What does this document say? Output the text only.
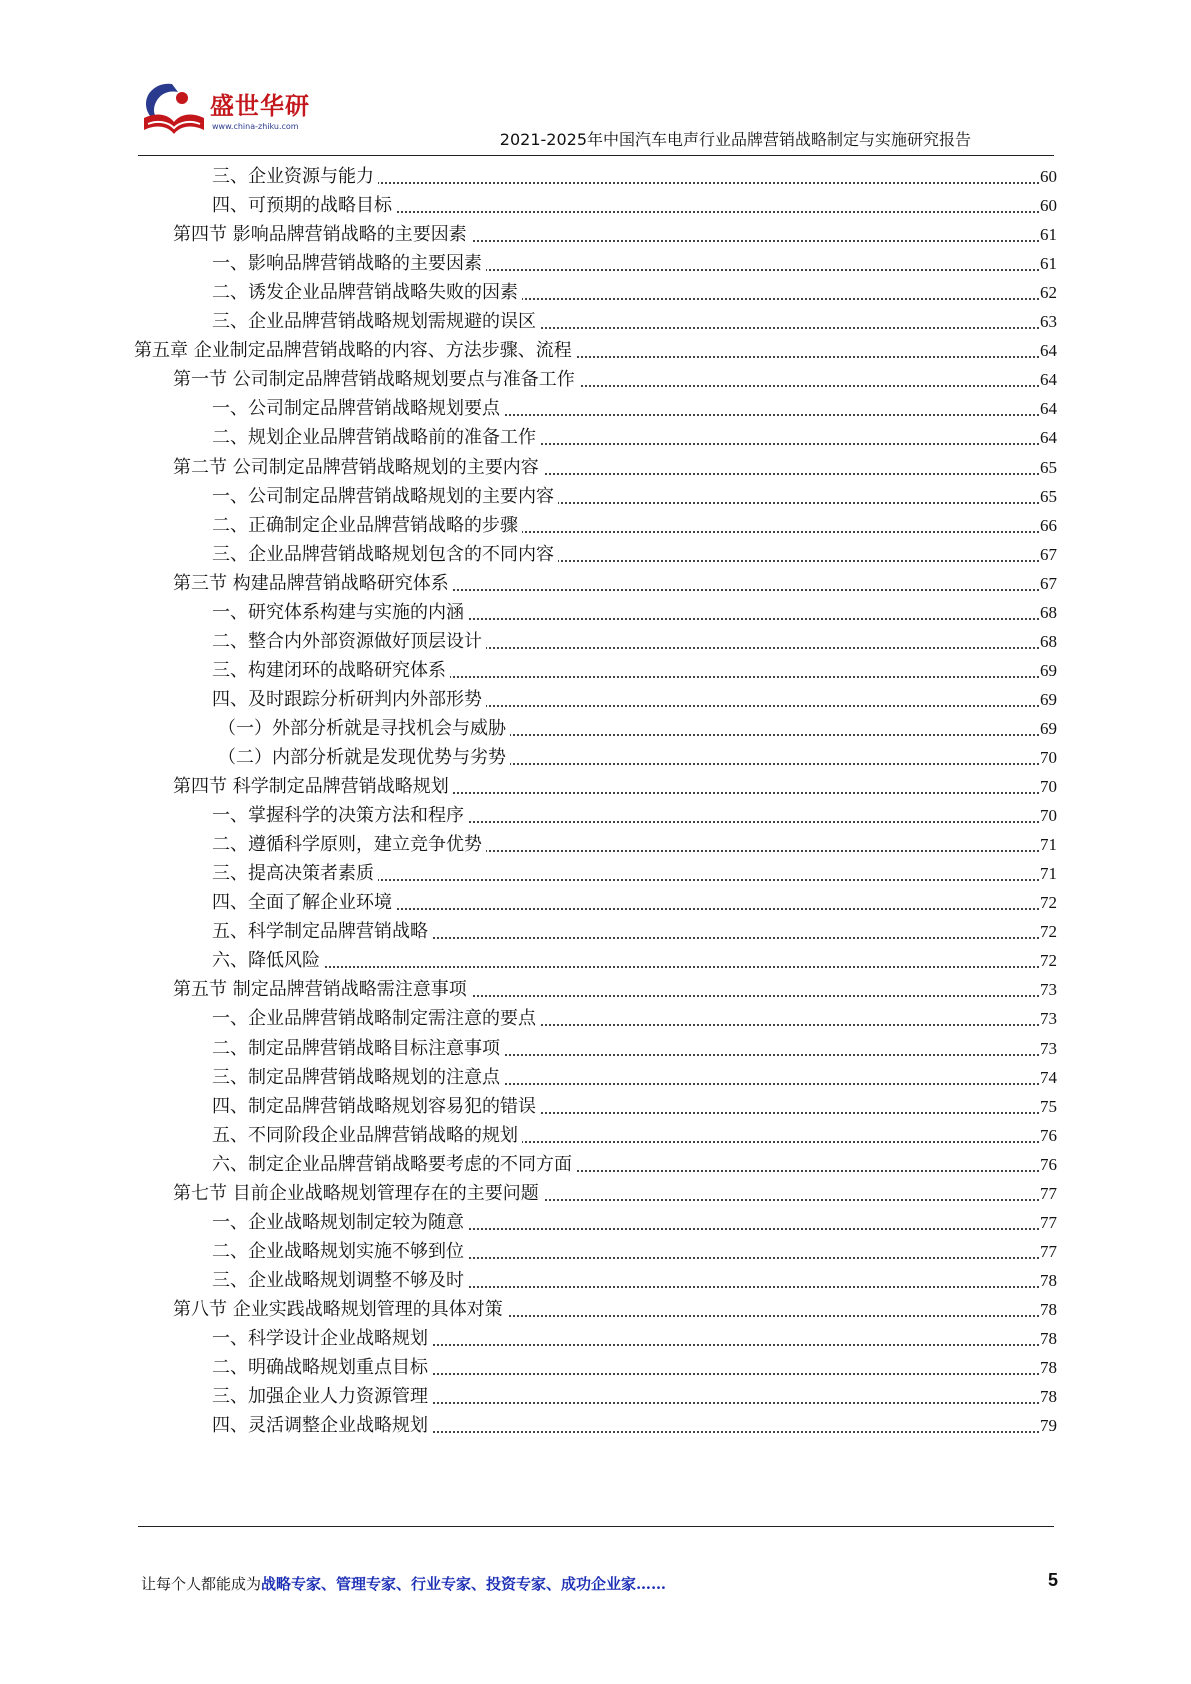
盛世华研
www.china-zhiku.com
2021-2025年中国汽车电声行业品牌营销战略制定与实施研究报告
三、企业资源与能力	60
四、可预期的战略目标	60
第四节 影响品牌营销战略的主要因素	61
一、影响品牌营销战略的主要因素	61
二、诱发企业品牌营销战略失败的因素	62
三、企业品牌营销战略规划需规避的误区	63
第五章 企业制定品牌营销战略的内容、方法步骤、流程	64
第一节 公司制定品牌营销战略规划要点与准备工作	64
一、公司制定品牌营销战略规划要点	64
二、规划企业品牌营销战略前的准备工作	64
第二节 公司制定品牌营销战略规划的主要内容	65
一、公司制定品牌营销战略规划的主要内容	65
二、正确制定企业品牌营销战略的步骤	66
三、企业品牌营销战略规划包含的不同内容	67
第三节 构建品牌营销战略研究体系	67
一、研究体系构建与实施的内涵	68
二、整合内外部资源做好顶层设计	68
三、构建闭环的战略研究体系	69
四、及时跟踪分析研判内外部形势	69
（一）外部分析就是寻找机会与威胁	69
（二）内部分析就是发现优势与劣势	70
第四节 科学制定品牌营销战略规划	70
一、掌握科学的决策方法和程序	70
二、遵循科学原则，建立竞争优势	71
三、提高决策者素质	71
四、全面了解企业环境	72
五、科学制定品牌营销战略	72
六、降低风险	72
第五节 制定品牌营销战略需注意事项	73
一、企业品牌营销战略制定需注意的要点	73
二、制定品牌营销战略目标注意事项	73
三、制定品牌营销战略规划的注意点	74
四、制定品牌营销战略规划容易犯的错误	75
五、不同阶段企业品牌营销战略的规划	76
六、制定企业品牌营销战略要考虑的不同方面	76
第七节 目前企业战略规划管理存在的主要问题	77
一、企业战略规划制定较为随意	77
二、企业战略规划实施不够到位	77
三、企业战略规划调整不够及时	78
第八节 企业实践战略规划管理的具体对策	78
一、科学设计企业战略规划	78
二、明确战略规划重点目标	78
三、加强企业人力资源管理	78
四、灵活调整企业战略规划	79
让每个人都能成为战略专家、管理专家、行业专家、投资专家、成功企业家……	5
